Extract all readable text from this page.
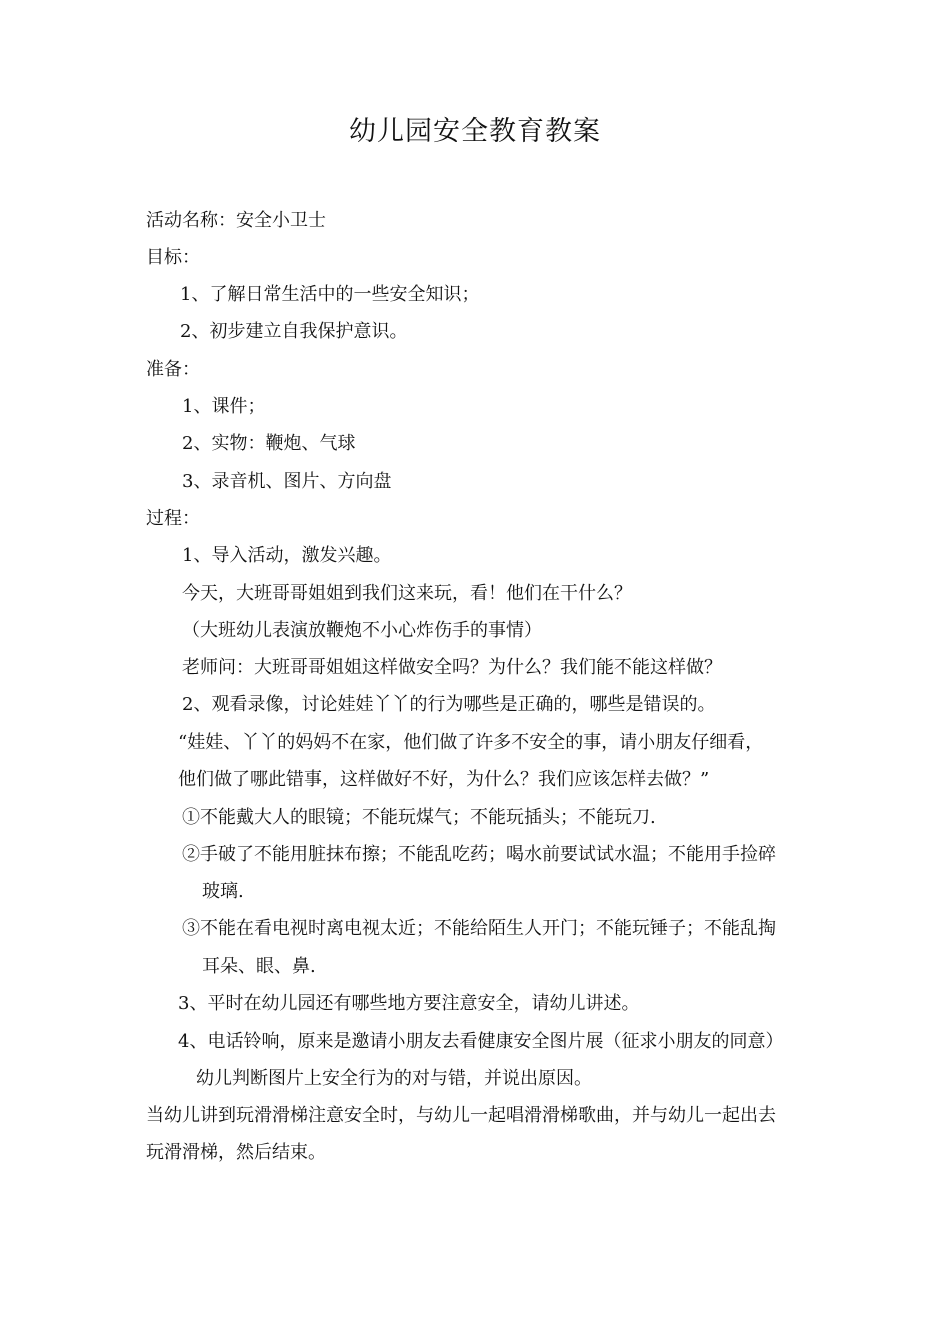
幼儿园安全教育教案
活动名称：安全小卫士
目标：
1、了解日常生活中的一些安全知识；
2、初步建立自我保护意识。
准备：
1、课件；
2、实物：鞭炮、气球
3、录音机、图片、方向盘
过程：
1、导入活动，激发兴趣。
今天，大班哥哥姐姐到我们这来玩，看！他们在干什么？
（大班幼儿表演放鞭炮不小心炸伤手的事情）
老师问：大班哥哥姐姐这样做安全吗？为什么？我们能不能这样做？
2、观看录像，讨论娃娃丫丫的行为哪些是正确的，哪些是错误的。
“娃娃、丫丫的妈妈不在家，他们做了许多不安全的事，请小朋友仔细看，
他们做了哪此错事，这样做好不好，为什么？我们应该怎样去做？”
①不能戴大人的眼镜；不能玩煤气；不能玩插头；不能玩刀.
②手破了不能用脏抹布擦；不能乱吃药；喝水前要试试水温；不能用手捡碎
玻璃.
③不能在看电视时离电视太近；不能给陌生人开门；不能玩锤子；不能乱掏
耳朵、眼、鼻.
3、平时在幼儿园还有哪些地方要注意安全，请幼儿讲述。
4、电话铃响，原来是邀请小朋友去看健康安全图片展（征求小朋友的同意）
幼儿判断图片上安全行为的对与错，并说出原因。
当幼儿讲到玩滑滑梯注意安全时，与幼儿一起唱滑滑梯歌曲，并与幼儿一起出去
玩滑滑梯，然后结束。
